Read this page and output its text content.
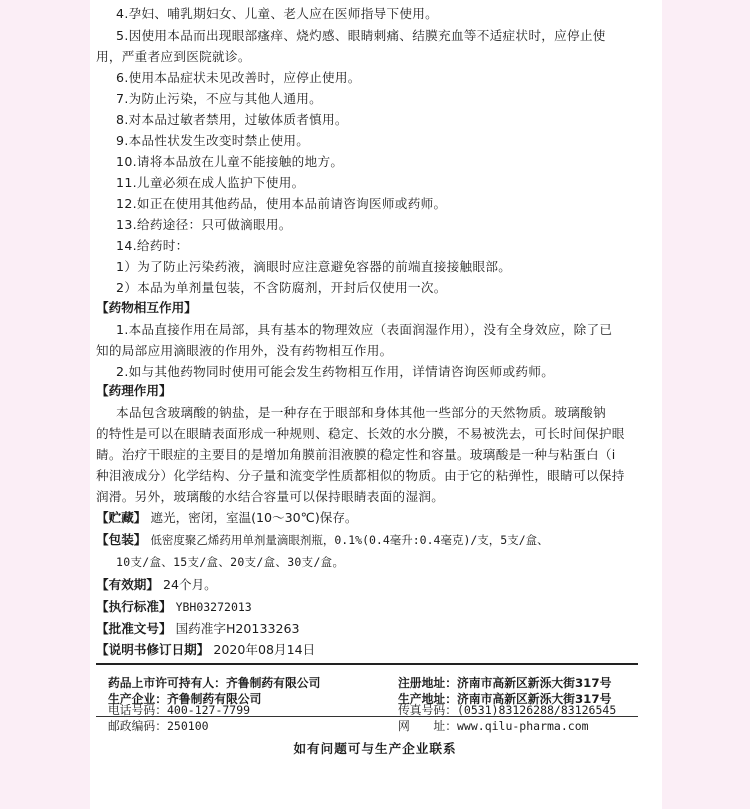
4.孕妇、哺乳期妇女、儿童、老人应在医师指导下使用。
5.因使用本品而出现眼部瘙痒、烧灼感、眼睛刺痛、结膜充血等不适症状时，应停止使
用，严重者应到医院就诊。
6.使用本品症状未见改善时，应停止使用。
7.为防止污染，不应与其他人通用。
8.对本品过敏者禁用，过敏体质者慎用。
9.本品性状发生改变时禁止使用。
10.请将本品放在儿童不能接触的地方。
11.儿童必须在成人监护下使用。
12.如正在使用其他药品，使用本品前请咨询医师或药师。
13.给药途径：只可做滴眼用。
14.给药时：
1）为了防止污染药液，滴眼时应注意避免容器的前端直接接触眼部。
2）本品为单剂量包装，不含防腐剂，开封后仅使用一次。
【药物相互作用】
1.本品直接作用在局部，具有基本的物理效应（表面润湿作用），没有全身效应，除了已
知的局部应用滴眼液的作用外，没有药物相互作用。
2.如与其他药物同时使用可能会发生药物相互作用，详情请咨询医师或药师。
【药理作用】
本品包含玻璃酸的钠盐，是一种存在于眼部和身体其他一些部分的天然物质。玻璃酸钠
的特性是可以在眼睛表面形成一种规则、稳定、长效的水分膜，不易被洗去，可长时间保护眼
睛。治疗干眼症的主要目的是增加角膜前泪液膜的稳定性和容量。玻璃酸是一种与粘蛋白（i
种泪液成分）化学结构、分子量和流变学性质都相似的物质。由于它的粘弹性，眼睛可以保持
润滑。另外，玻璃酸的水结合容量可以保持眼睛表面的湿润。
【贮藏】 遮光，密闭，室温(10～30℃)保存。
【包装】 低密度聚乙烯药用单剂量滴眼剂瓶，0.1%(0.4毫升:0.4毫克)/支，5支/盒、
10支/盒、15支/盒、20支/盒、30支/盒。
【有效期】 24个月。
【执行标准】 YBH03272013
【批准文号】 国药准字H20133263
【说明书修订日期】 2020年08月14日
药品上市许可持有人：齐鲁制药有限公司
生产企业：齐鲁制药有限公司
注册地址：济南市高新区新泺大街317号
生产地址：济南市高新区新泺大街317号
电话号码：400-127-7799
邮政编码：250100
传真号码：(0531)83126288/83126545
网　　址：www.qilu-pharma.com
如有问题可与生产企业联系
